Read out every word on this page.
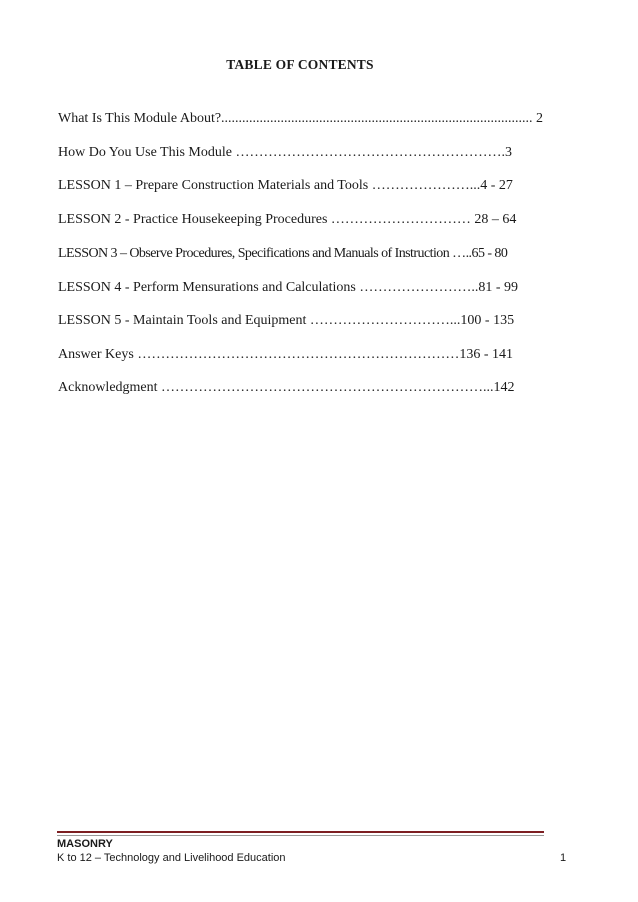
TABLE OF CONTENTS
What Is This Module About?......................................................................................... 2
How Do You Use This Module ………………………………………………….3
LESSON 1 – Prepare Construction Materials and Tools …………………...4 - 27
LESSON 2 - Practice Housekeeping Procedures ………………………… 28 – 64
LESSON 3 – Observe Procedures, Specifications and Manuals of Instruction …..65 - 80
LESSON 4 - Perform Mensurations and Calculations ……………………..81 - 99
LESSON 5 - Maintain Tools and Equipment …………………………...100 - 135
Answer Keys ……………………………………………………………136 - 141
Acknowledgment ……………………………………………………………...142
MASONRY
K to 12 – Technology and Livelihood Education	1
